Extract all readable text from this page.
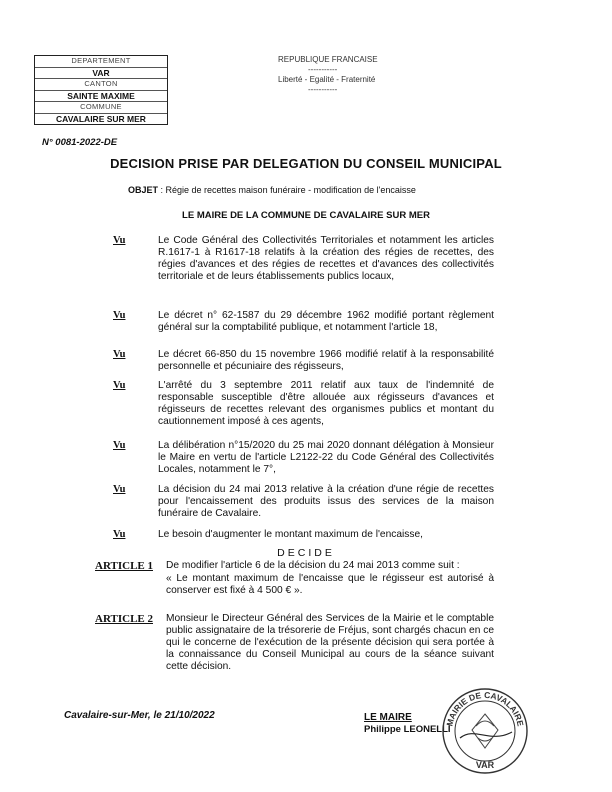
DEPARTEMENT
VAR
CANTON
SAINTE MAXIME
COMMUNE
CAVALAIRE SUR MER
REPUBLIQUE FRANCAISE
-----------
Liberté - Egalité - Fraternité
-----------
N° 0081-2022-DE
DECISION PRISE PAR DELEGATION DU CONSEIL MUNICIPAL
OBJET : Régie de recettes maison funéraire - modification de l'encaisse
LE MAIRE DE LA COMMUNE DE CAVALAIRE SUR MER
Vu	Le Code Général des Collectivités Territoriales et notamment les articles R.1617-1 à R1617-18 relatifs à la création des régies de recettes, des régies d'avances et des régies de recettes et d'avances des collectivités territoriale et de leurs établissements publics locaux,
Vu	Le décret n° 62-1587 du 29 décembre 1962 modifié portant règlement général sur la comptabilité publique, et notamment l'article 18,
Vu	Le décret 66-850 du 15 novembre 1966 modifié relatif à la responsabilité personnelle et pécuniaire des régisseurs,
Vu	L'arrêté du 3 septembre 2011 relatif aux taux de l'indemnité de responsable susceptible d'être allouée aux régisseurs d'avances et régisseurs de recettes relevant des organismes publics et montant du cautionnement imposé à ces agents,
Vu	La délibération n°15/2020 du 25 mai 2020 donnant délégation à Monsieur le Maire en vertu de l'article L2122-22 du Code Général des Collectivités Locales, notamment le 7°,
Vu	La décision du 24 mai 2013 relative à la création d'une régie de recettes pour l'encaissement des produits issus des services de la maison funéraire de Cavalaire.
Vu	Le besoin d'augmenter le montant maximum de l'encaisse,
DECIDE
ARTICLE 1 De modifier l'article 6 de la décision du 24 mai 2013 comme suit :
« Le montant maximum de l'encaisse que le régisseur est autorisé à conserver est fixé à 4 500 € ».
ARTICLE 2 Monsieur le Directeur Général des Services de la Mairie et le comptable public assignataire de la trésorerie de Fréjus, sont chargés chacun en ce qui le concerne de l'exécution de la présente décision qui sera portée à la connaissance du Conseil Municipal au cours de la séance suivant cette décision.
Cavalaire-sur-Mer, le 21/10/2022	LE MAIRE
Philippe LEONELLI
MAIRIE DE CAVALAIRE
VAR
